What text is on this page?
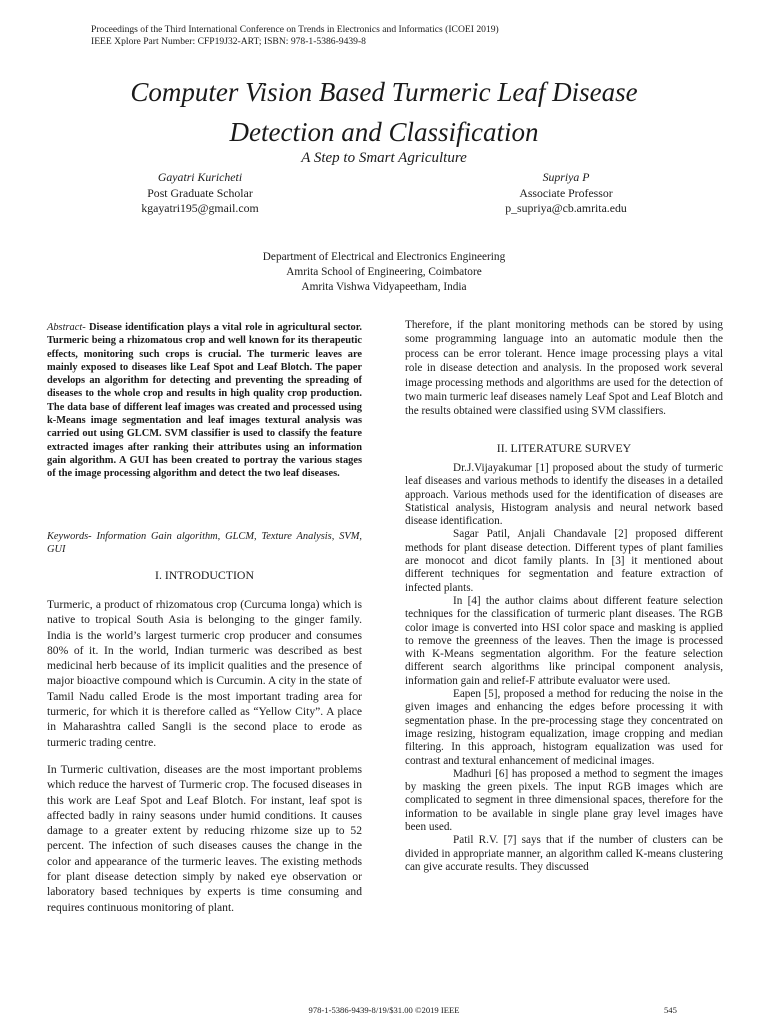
Proceedings of the Third International Conference on Trends in Electronics and Informatics (ICOEI 2019)
IEEE Xplore Part Number: CFP19J32-ART; ISBN: 978-1-5386-9439-8
Computer Vision Based Turmeric Leaf Disease
Detection and Classification
A Step to Smart Agriculture
Gayatri Kuricheti
Post Graduate Scholar
kgayatri195@gmail.com
Supriya P
Associate Professor
p_supriya@cb.amrita.edu
Department of Electrical and Electronics Engineering
Amrita School of Engineering, Coimbatore
Amrita Vishwa Vidyapeetham, India
Abstract- Disease identification plays a vital role in agricultural sector. Turmeric being a rhizomatous crop and well known for its therapeutic effects, monitoring such crops is crucial. The turmeric leaves are mainly exposed to diseases like Leaf Spot and Leaf Blotch. The paper develops an algorithm for detecting and preventing the spreading of diseases to the whole crop and results in high quality crop production. The data base of different leaf images was created and processed using k-Means image segmentation and leaf images textural analysis was carried out using GLCM. SVM classifier is used to classify the feature extracted images after ranking their attributes using an information gain algorithm. A GUI has been created to portray the various stages of the image processing algorithm and detect the two leaf diseases.
Keywords- Information Gain algorithm, GLCM, Texture Analysis, SVM, GUI
I. INTRODUCTION

Turmeric, a product of rhizomatous crop (Curcuma longa) which is native to tropical South Asia is belonging to the ginger family. India is the world’s largest turmeric crop producer and consumes 80% of it. In the world, Indian turmeric was described as best medicinal herb because of its implicit qualities and the presence of major bioactive compound which is Curcumin. A city in the state of Tamil Nadu called Erode is the most important trading area for turmeric, for which it is therefore called as “Yellow City”. A place in Maharashtra called Sangli is the second place to erode as turmeric trading centre.

In Turmeric cultivation, diseases are the most important problems which reduce the harvest of Turmeric crop. The focused diseases in this work are Leaf Spot and Leaf Blotch. For instant, leaf spot is affected badly in rainy seasons under humid conditions. It causes damage to a greater extent by reducing rhizome size up to 52 percent. The infection of such diseases causes the change in the color and appearance of the turmeric leaves. The existing methods for plant disease detection simply by naked eye observation or laboratory based techniques by experts is time consuming and requires continuous monitoring of plant.

Therefore, if the plant monitoring methods can be stored by using some programming language into an automatic module then the process can be error tolerant. Hence image processing plays a vital role in disease detection and analysis. In the proposed work several image processing methods and algorithms are used for the detection of two main turmeric leaf diseases namely Leaf Spot and Leaf Blotch and the results obtained were classified using SVM classifiers.
II. LITERATURE SURVEY

Dr.J.Vijayakumar [1] proposed about the study of turmeric leaf diseases and various methods to identify the diseases in a detailed approach. Various methods used for the identification of diseases are Statistical analysis, Histogram analysis and neural network based disease identification.

Sagar Patil, Anjali Chandavale [2] proposed different methods for plant disease detection. Different types of plant families are monocot and dicot family plants. In [3] it mentioned about different techniques for segmentation and feature extraction of infected plants.

In [4] the author claims about different feature selection techniques for the classification of turmeric plant diseases. The RGB color image is converted into HSI color space and masking is applied to remove the greenness of the leaves. Then the image is processed with K-Means segmentation algorithm. For the feature selection different search algorithms like principal component analysis, information gain and relief-F attribute evaluator were used.

Eapen [5], proposed a method for reducing the noise in the given images and enhancing the edges before processing it with segmentation phase. In the pre-processing stage they concentrated on image resizing, histogram equalization, image cropping and median filtering. In this approach, histogram equalization was used for contrast and textural enhancement of medicinal images.

Madhuri [6] has proposed a method to segment the images by masking the green pixels. The input RGB images which are complicated to segment in three dimensional spaces, therefore for the information to be available in single plane gray level images have been used.

Patil R.V. [7] says that if the number of clusters can be divided in appropriate manner, an algorithm called K-means clustering can give accurate results. They discussed

978-1-5386-9439-8/19/$31.00 ©2019 IEEE	545
